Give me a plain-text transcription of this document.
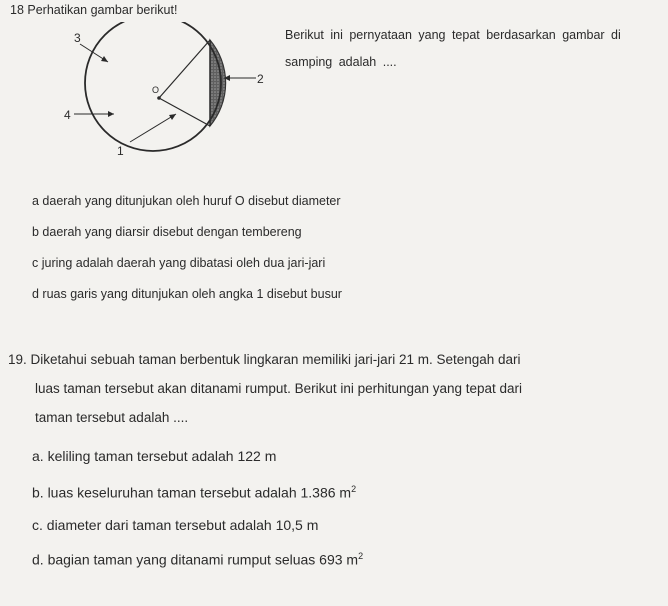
18 Perhatikan gambar berikut!
Berikut ini pernyataan yang tepat berdasarkan gambar di samping adalah ....
3
2
4
1
O
a daerah yang ditunjukan oleh huruf O disebut diameter
b daerah yang diarsir disebut dengan tembereng
c juring adalah daerah yang dibatasi oleh dua jari-jari
d ruas garis yang ditunjukan oleh angka 1 disebut busur
19. Diketahui sebuah taman berbentuk lingkaran memiliki jari-jari 21 m. Setengah dari
luas taman tersebut akan ditanami rumput. Berikut ini perhitungan yang tepat dari
taman tersebut adalah ....
a. keliling taman tersebut adalah 122 m
b. luas keseluruhan taman tersebut adalah 1.386 $m^2$
c. diameter dari taman tersebut adalah 10,5 m
d. bagian taman yang ditanami rumput seluas 693 $m^2$
